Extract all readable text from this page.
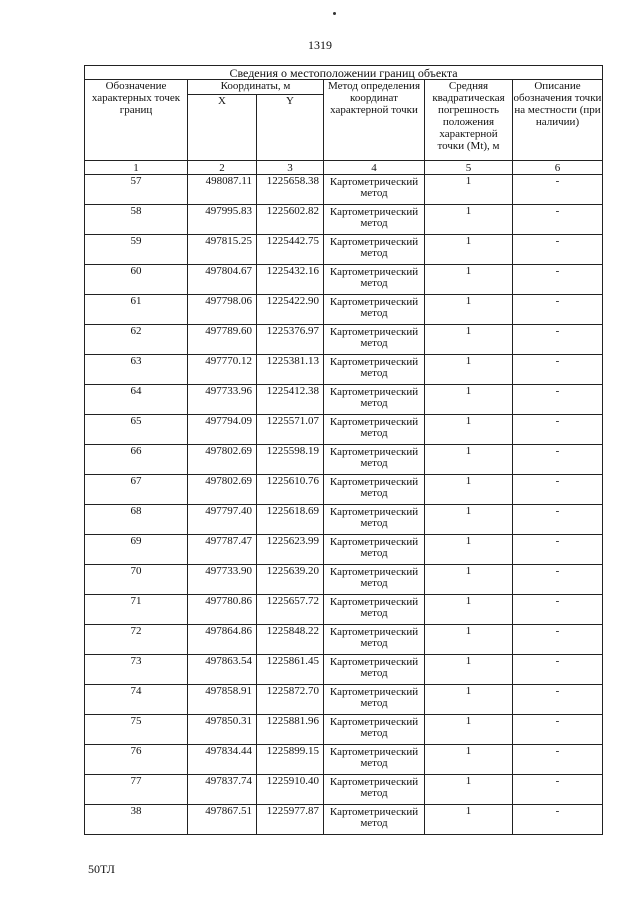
1319
Сведения о местоположении границ объекта					
Обозначение характерных точек границ	Координаты, м		Метод определения координат характерной точки	Средняя квадратическая погрешность положения характерной точки (Mt), м	Описание обозначения точки на местности (при наличии)
	X	Y			
1	2	3	4	5	6
57	498087.11	1225658.38	Картометрический метод	1	-
58	497995.83	1225602.82	Картометрический метод	1	-
59	497815.25	1225442.75	Картометрический метод	1	-
60	497804.67	1225432.16	Картометрический метод	1	-
61	497798.06	1225422.90	Картометрический метод	1	-
62	497789.60	1225376.97	Картометрический метод	1	-
63	497770.12	1225381.13	Картометрический метод	1	-
64	497733.96	1225412.38	Картометрический метод	1	-
65	497794.09	1225571.07	Картометрический метод	1	-
66	497802.69	1225598.19	Картометрический метод	1	-
67	497802.69	1225610.76	Картометрический метод	1	-
68	497797.40	1225618.69	Картометрический метод	1	-
69	497787.47	1225623.99	Картометрический метод	1	-
70	497733.90	1225639.20	Картометрический метод	1	-
71	497780.86	1225657.72	Картометрический метод	1	-
72	497864.86	1225848.22	Картометрический метод	1	-
73	497863.54	1225861.45	Картометрический метод	1	-
74	497858.91	1225872.70	Картометрический метод	1	-
75	497850.31	1225881.96	Картометрический метод	1	-
76	497834.44	1225899.15	Картометрический метод	1	-
77	497837.74	1225910.40	Картометрический метод	1	-
38	497867.51	1225977.87	Картометрический метод	1	-
50ТЛ
